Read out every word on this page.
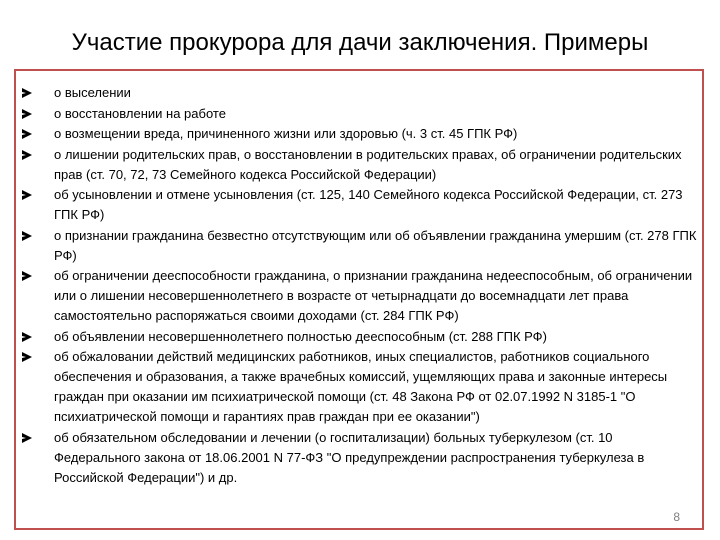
Участие прокурора для дачи заключения. Примеры
о выселении
о восстановлении на работе
о возмещении вреда, причиненного жизни или здоровью (ч. 3 ст. 45 ГПК РФ)
о лишении родительских прав, о восстановлении в родительских правах, об ограничении родительских прав (ст. 70, 72, 73 Семейного кодекса Российской Федерации)
об усыновлении и отмене усыновления (ст. 125, 140 Семейного кодекса Российской Федерации, ст. 273 ГПК РФ)
о признании гражданина безвестно отсутствующим или об объявлении гражданина умершим (ст. 278 ГПК РФ)
об ограничении дееспособности гражданина, о признании гражданина недееспособным, об ограничении или о лишении несовершеннолетнего в возрасте от четырнадцати до восемнадцати лет права самостоятельно распоряжаться своими доходами (ст. 284 ГПК РФ)
об объявлении несовершеннолетнего полностью дееспособным (ст. 288 ГПК РФ)
об обжаловании действий медицинских работников, иных специалистов, работников социального обеспечения и образования, а также врачебных комиссий, ущемляющих права и законные интересы граждан при оказании им психиатрической помощи (ст. 48 Закона РФ от 02.07.1992 N 3185-1 "О психиатрической помощи и гарантиях прав граждан при ее оказании")
об обязательном обследовании и лечении (о госпитализации) больных туберкулезом (ст. 10 Федерального закона от 18.06.2001 N 77-ФЗ "О предупреждении распространения туберкулеза в Российской Федерации") и др.
8
